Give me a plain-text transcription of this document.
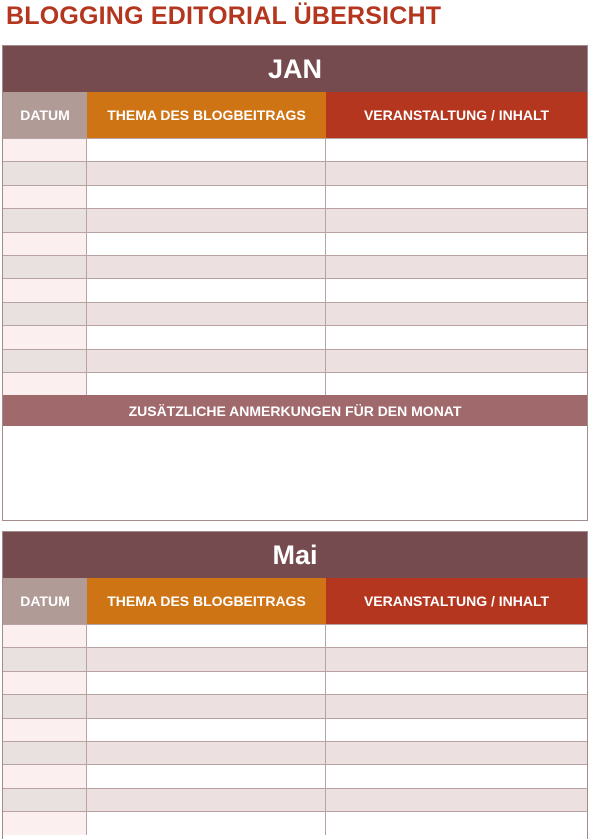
BLOGGING EDITORIAL ÜBERSICHT
JAN
DATUM	THEMA DES BLOGBEITRAGS	VERANSTALTUNG / INHALT
ZUSÄTZLICHE ANMERKUNGEN FÜR DEN MONAT
Mai
DATUM	THEMA DES BLOGBEITRAGS	VERANSTALTUNG / INHALT
